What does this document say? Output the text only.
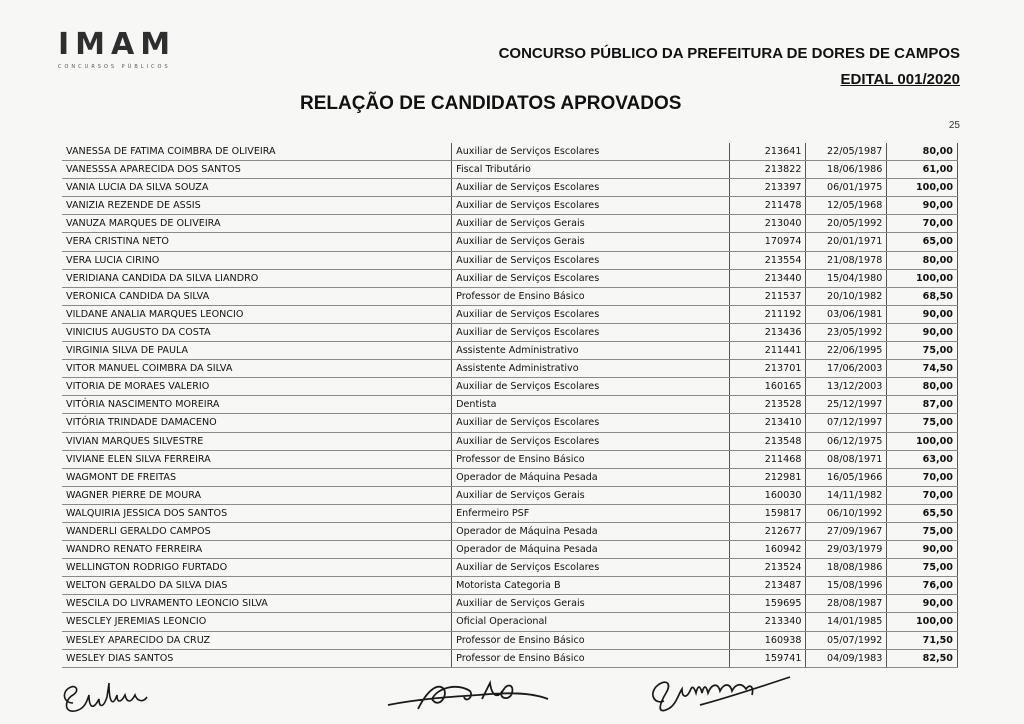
IMAM
CONCURSOS PÚBLICOS
CONCURSO PÚBLICO DA PREFEITURA DE DORES DE CAMPOS
EDITAL 001/2020
RELAÇÃO DE CANDIDATOS APROVADOS
25
VANESSA DE FATIMA COIMBRA DE OLIVEIRA	Auxiliar de Serviços Escolares	213641	22/05/1987	80,00
VANESSSA APARECIDA DOS SANTOS	Fiscal Tributário	213822	18/06/1986	61,00
VANIA LUCIA DA SILVA SOUZA	Auxiliar de Serviços Escolares	213397	06/01/1975	100,00
VANIZIA REZENDE DE ASSIS	Auxiliar de Serviços Escolares	211478	12/05/1968	90,00
VANUZA MARQUES DE OLIVEIRA	Auxiliar de Serviços Gerais	213040	20/05/1992	70,00
VERA CRISTINA NETO	Auxiliar de Serviços Gerais	170974	20/01/1971	65,00
VERA LUCIA CIRINO	Auxiliar de Serviços Escolares	213554	21/08/1978	80,00
VERIDIANA CANDIDA DA SILVA LIANDRO	Auxiliar de Serviços Escolares	213440	15/04/1980	100,00
VERONICA CANDIDA DA SILVA	Professor de Ensino Básico	211537	20/10/1982	68,50
VILDANE ANALIA MARQUES LEONCIO	Auxiliar de Serviços Escolares	211192	03/06/1981	90,00
VINICIUS AUGUSTO DA COSTA	Auxiliar de Serviços Escolares	213436	23/05/1992	90,00
VIRGINIA SILVA DE PAULA	Assistente Administrativo	211441	22/06/1995	75,00
VITOR MANUEL COIMBRA DA SILVA	Assistente Administrativo	213701	17/06/2003	74,50
VITORIA DE MORAES VALERIO	Auxiliar de Serviços Escolares	160165	13/12/2003	80,00
VITÓRIA NASCIMENTO MOREIRA	Dentista	213528	25/12/1997	87,00
VITÓRIA TRINDADE DAMACENO	Auxiliar de Serviços Escolares	213410	07/12/1997	75,00
VIVIAN MARQUES SILVESTRE	Auxiliar de Serviços Escolares	213548	06/12/1975	100,00
VIVIANE ELEN SILVA FERREIRA	Professor de Ensino Básico	211468	08/08/1971	63,00
WAGMONT DE FREITAS	Operador de Máquina Pesada	212981	16/05/1966	70,00
WAGNER PIERRE DE MOURA	Auxiliar de Serviços Gerais	160030	14/11/1982	70,00
WALQUIRIA JESSICA DOS SANTOS	Enfermeiro PSF	159817	06/10/1992	65,50
WANDERLI GERALDO CAMPOS	Operador de Máquina Pesada	212677	27/09/1967	75,00
WANDRO RENATO FERREIRA	Operador de Máquina Pesada	160942	29/03/1979	90,00
WELLINGTON RODRIGO FURTADO	Auxiliar de Serviços Escolares	213524	18/08/1986	75,00
WELTON GERALDO DA SILVA DIAS	Motorista Categoria B	213487	15/08/1996	76,00
WESCILA DO LIVRAMENTO LEONCIO SILVA	Auxiliar de Serviços Gerais	159695	28/08/1987	90,00
WESCLEY JEREMIAS LEONCIO	Oficial Operacional	213340	14/01/1985	100,00
WESLEY APARECIDO DA CRUZ	Professor de Ensino Básico	160938	05/07/1992	71,50
WESLEY DIAS SANTOS	Professor de Ensino Básico	159741	04/09/1983	82,50
